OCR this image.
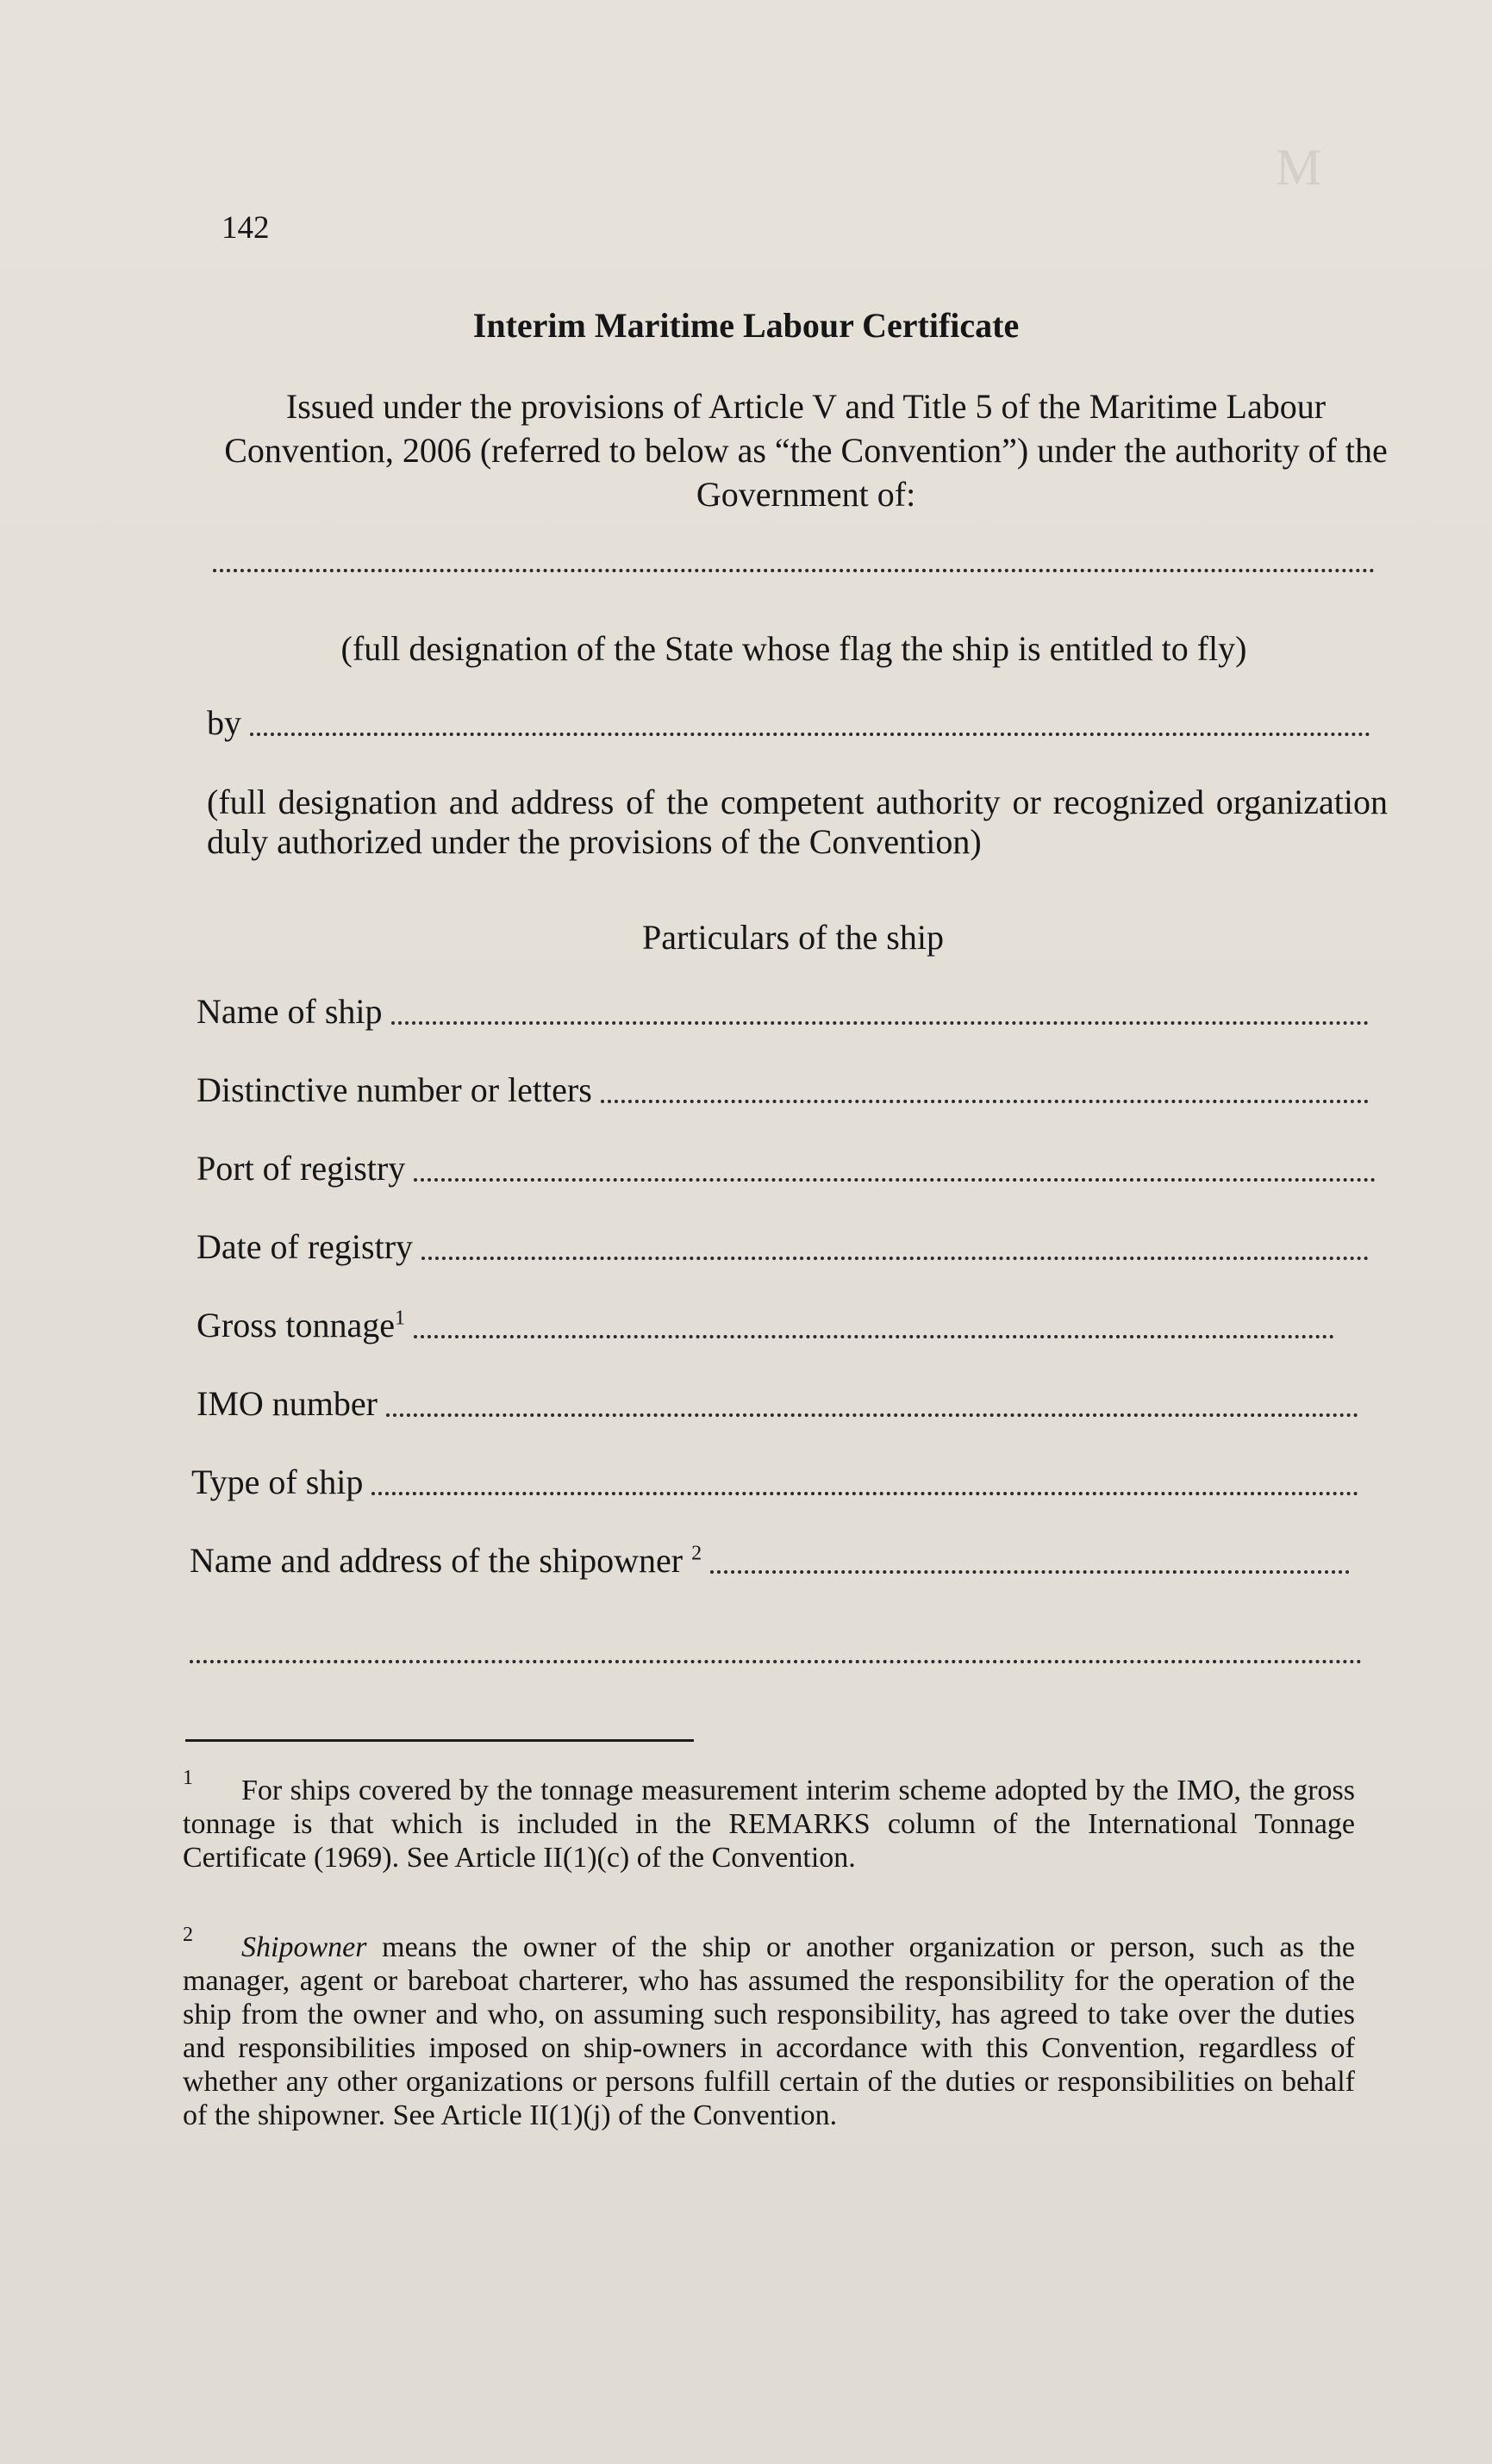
M
142
Interim Maritime Labour Certificate
Issued under the provisions of Article V and Title 5 of the Maritime Labour Convention, 2006 (referred to below as “the Convention”) under the authority of the Government of:
(full designation of the State whose flag the ship is entitled to fly)
by
(full designation and address of the competent authority or recognized organization duly authorized under the provisions of the Convention)
Particulars of the ship
Name of ship
Distinctive number or letters
Port of registry
Date of registry
Gross tonnage$^1$
IMO number
Type of ship
Name and address of the shipowner $^2$
1 For ships covered by the tonnage measurement interim scheme adopted by the IMO, the gross tonnage is that which is included in the REMARKS column of the International Tonnage Certificate (1969). See Article II(1)(c) of the Convention.
2 Shipowner means the owner of the ship or another organization or person, such as the manager, agent or bareboat charterer, who has assumed the responsibility for the operation of the ship from the owner and who, on assuming such responsibility, has agreed to take over the duties and responsibilities imposed on ship-owners in accordance with this Convention, regardless of whether any other organizations or persons fulfill certain of the duties or responsibilities on behalf of the shipowner. See Article II(1)(j) of the Convention.
